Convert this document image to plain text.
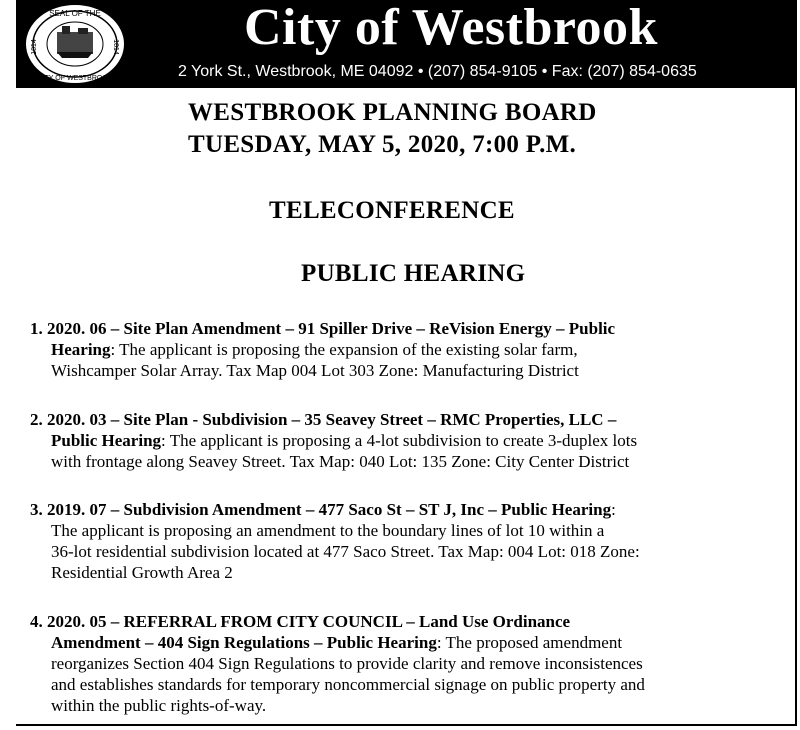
SEAL OF THE
CITY OF WESTBROOK
1814	1814	City of Westbrook
2 York St., Westbrook, ME 04092 • (207) 854-9105 • Fax: (207) 854-0635
WESTBROOK PLANNING BOARD
TUESDAY, MAY 5, 2020, 7:00 P.M.
TELECONFERENCE
PUBLIC HEARING
1. 2020. 06 – Site Plan Amendment – 91 Spiller Drive – ReVision Energy – Public
Hearing: The applicant is proposing the expansion of the existing solar farm,
Wishcamper Solar Array. Tax Map 004 Lot 303 Zone: Manufacturing District
2. 2020. 03 – Site Plan - Subdivision – 35 Seavey Street – RMC Properties, LLC –
Public Hearing: The applicant is proposing a 4-lot subdivision to create 3-duplex lots
with frontage along Seavey Street. Tax Map: 040 Lot: 135 Zone: City Center District
3. 2019. 07 – Subdivision Amendment – 477 Saco St – ST J, Inc – Public Hearing:
The applicant is proposing an amendment to the boundary lines of lot 10 within a
36-lot residential subdivision located at 477 Saco Street. Tax Map: 004 Lot: 018 Zone:
Residential Growth Area 2
4. 2020. 05 – REFERRAL FROM CITY COUNCIL – Land Use Ordinance
Amendment – 404 Sign Regulations – Public Hearing: The proposed amendment
reorganizes Section 404 Sign Regulations to provide clarity and remove inconsistences
and establishes standards for temporary noncommercial signage on public property and
within the public rights-of-way.
